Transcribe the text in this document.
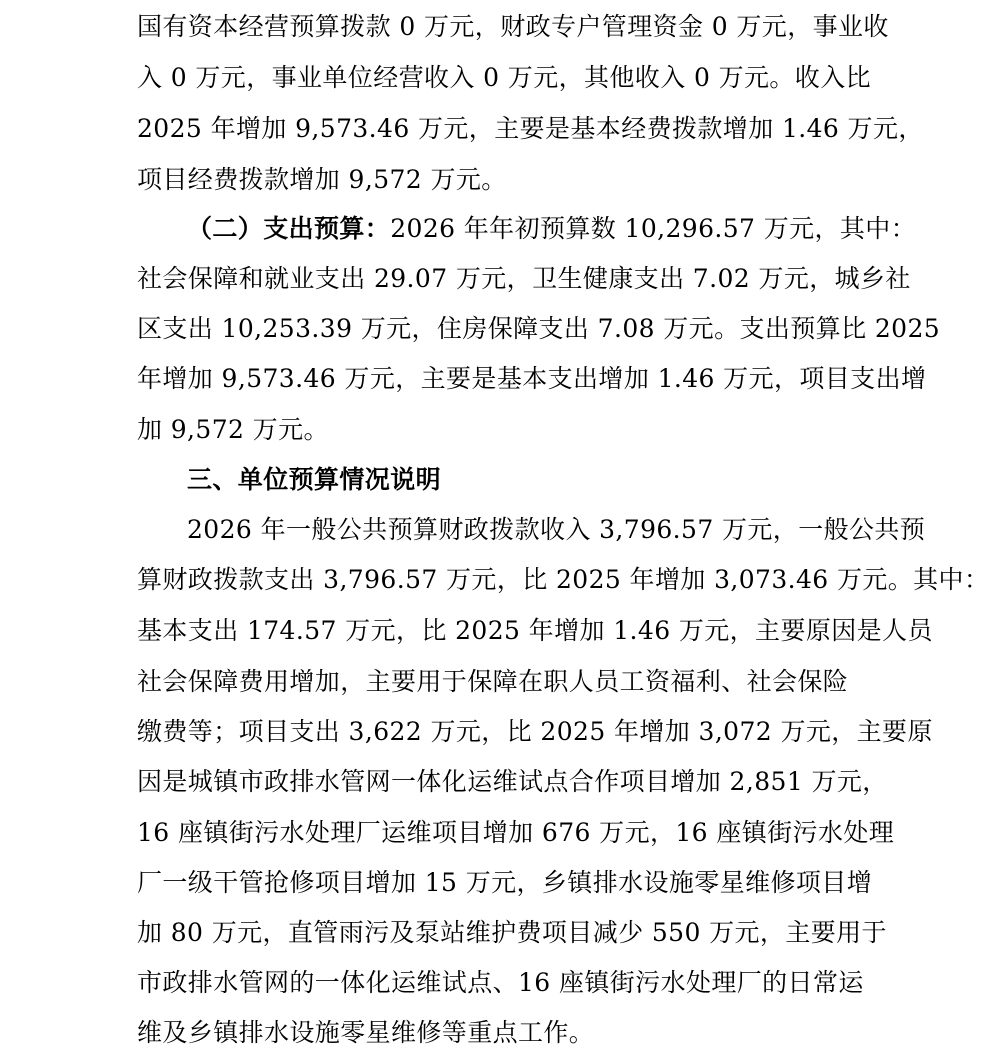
国有资本经营预算拨款 0 万元，财政专户管理资金 0 万元，事业收
入 0 万元，事业单位经营收入 0 万元，其他收入 0 万元。收入比
2025 年增加 9,573.46 万元，主要是基本经费拨款增加 1.46 万元，
项目经费拨款增加 9,572 万元。
（二）支出预算：2026 年年初预算数 10,296.57 万元，其中：
社会保障和就业支出 29.07 万元，卫生健康支出 7.02 万元，城乡社
区支出 10,253.39 万元，住房保障支出 7.08 万元。支出预算比 2025
年增加 9,573.46 万元，主要是基本支出增加 1.46 万元，项目支出增
加 9,572 万元。
三、单位预算情况说明
2026 年一般公共预算财政拨款收入 3,796.57 万元，一般公共预
算财政拨款支出 3,796.57 万元，比 2025 年增加 3,073.46 万元。其中：
基本支出 174.57 万元，比 2025 年增加 1.46 万元，主要原因是人员
社会保障费用增加，主要用于保障在职人员工资福利、社会保险
缴费等；项目支出 3,622 万元，比 2025 年增加 3,072 万元，主要原
因是城镇市政排水管网一体化运维试点合作项目增加 2,851 万元，
16 座镇街污水处理厂运维项目增加 676 万元，16 座镇街污水处理
厂一级干管抢修项目增加 15 万元，乡镇排水设施零星维修项目增
加 80 万元，直管雨污及泵站维护费项目减少 550 万元，主要用于
市政排水管网的一体化运维试点、16 座镇街污水处理厂的日常运
维及乡镇排水设施零星维修等重点工作。
